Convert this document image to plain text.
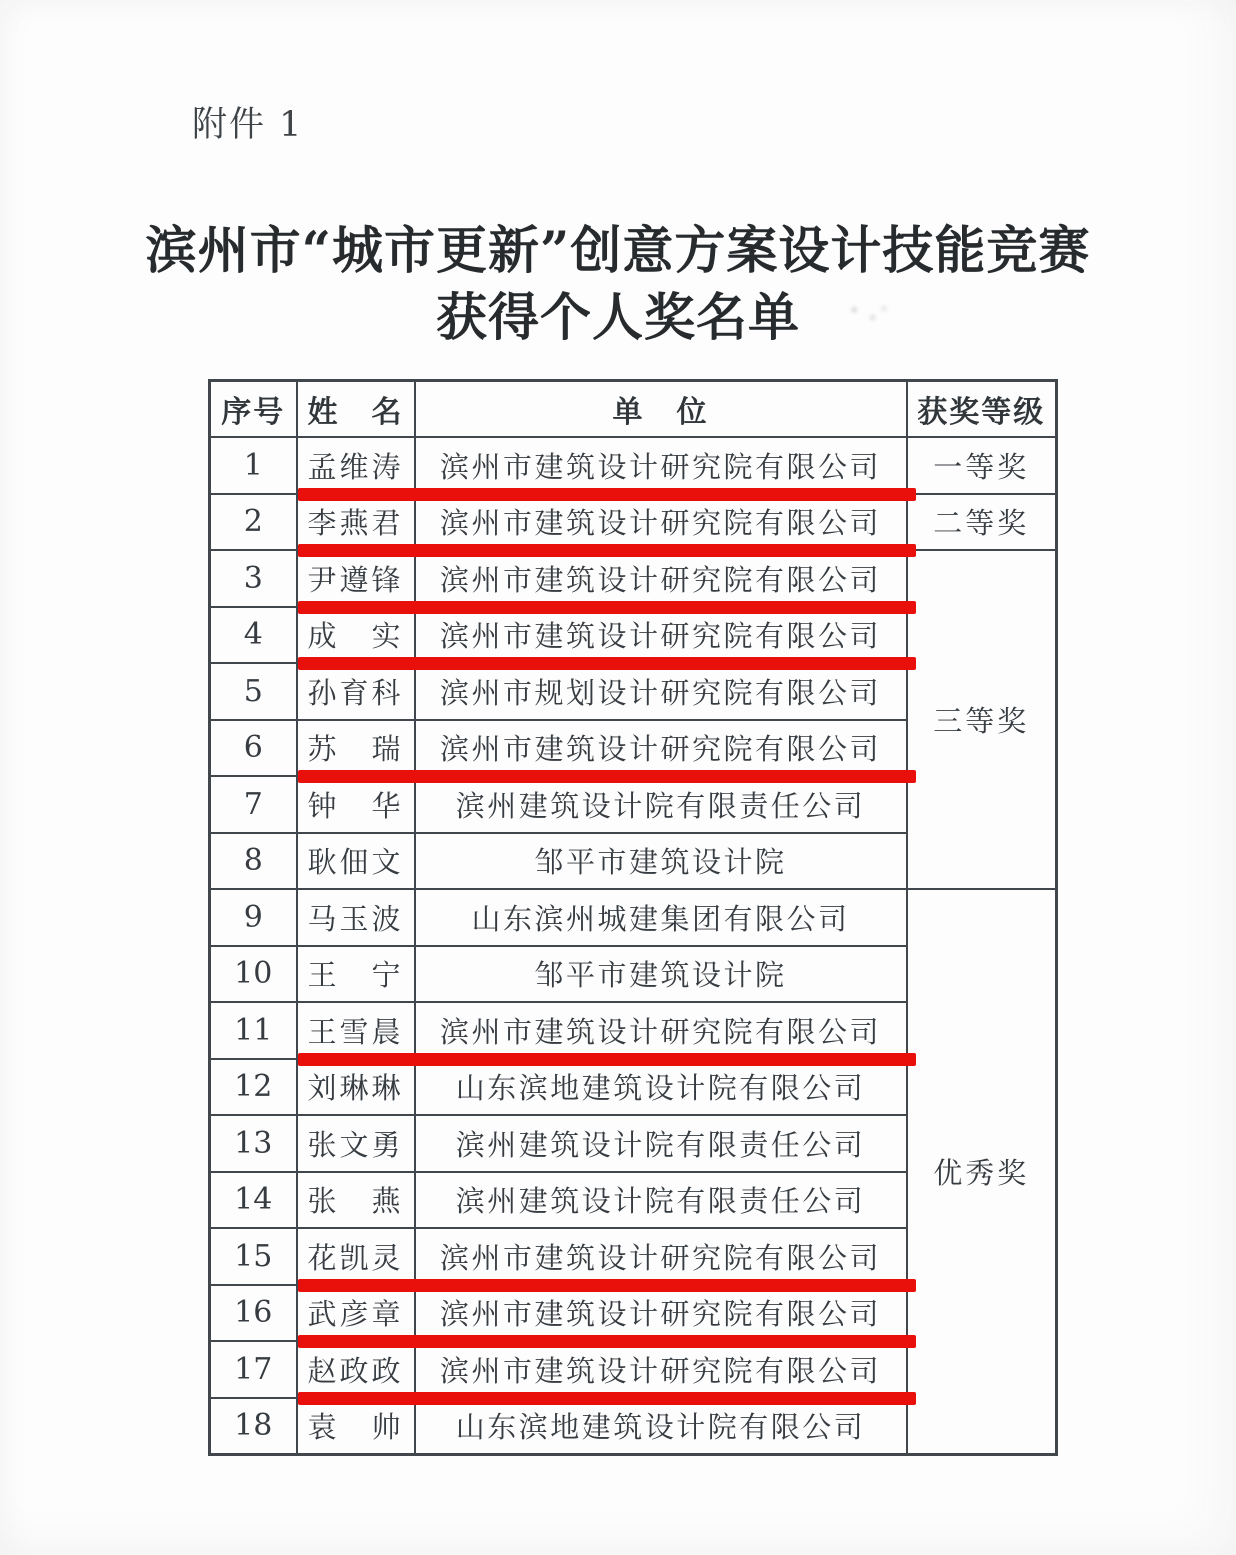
附件 1
滨州市“城市更新”创意方案设计技能竞赛
获得个人奖名单
序号	姓　名	单　位	获奖等级
1	孟维涛	滨州市建筑设计研究院有限公司	一等奖
2	李燕君	滨州市建筑设计研究院有限公司	二等奖
3	尹遵锋	滨州市建筑设计研究院有限公司	三等奖
4	成　实	滨州市建筑设计研究院有限公司	

5	孙育科	滨州市规划设计研究院有限公司	
6	苏　瑞	滨州市建筑设计研究院有限公司	

7	钟　华	滨州建筑设计院有限责任公司	
8	耿佃文	邹平市建筑设计院	
9	马玉波	山东滨州城建集团有限公司	优秀奖
10	王　宁	邹平市建筑设计院	
11	王雪晨	滨州市建筑设计研究院有限公司	

12	刘琳琳	山东滨地建筑设计院有限公司	
13	张文勇	滨州建筑设计院有限责任公司	
14	张　燕	滨州建筑设计院有限责任公司	
15	花凯灵	滨州市建筑设计研究院有限公司	

16	武彦章	滨州市建筑设计研究院有限公司	

17	赵政政	滨州市建筑设计研究院有限公司	

18	袁　帅	山东滨地建筑设计院有限公司	
